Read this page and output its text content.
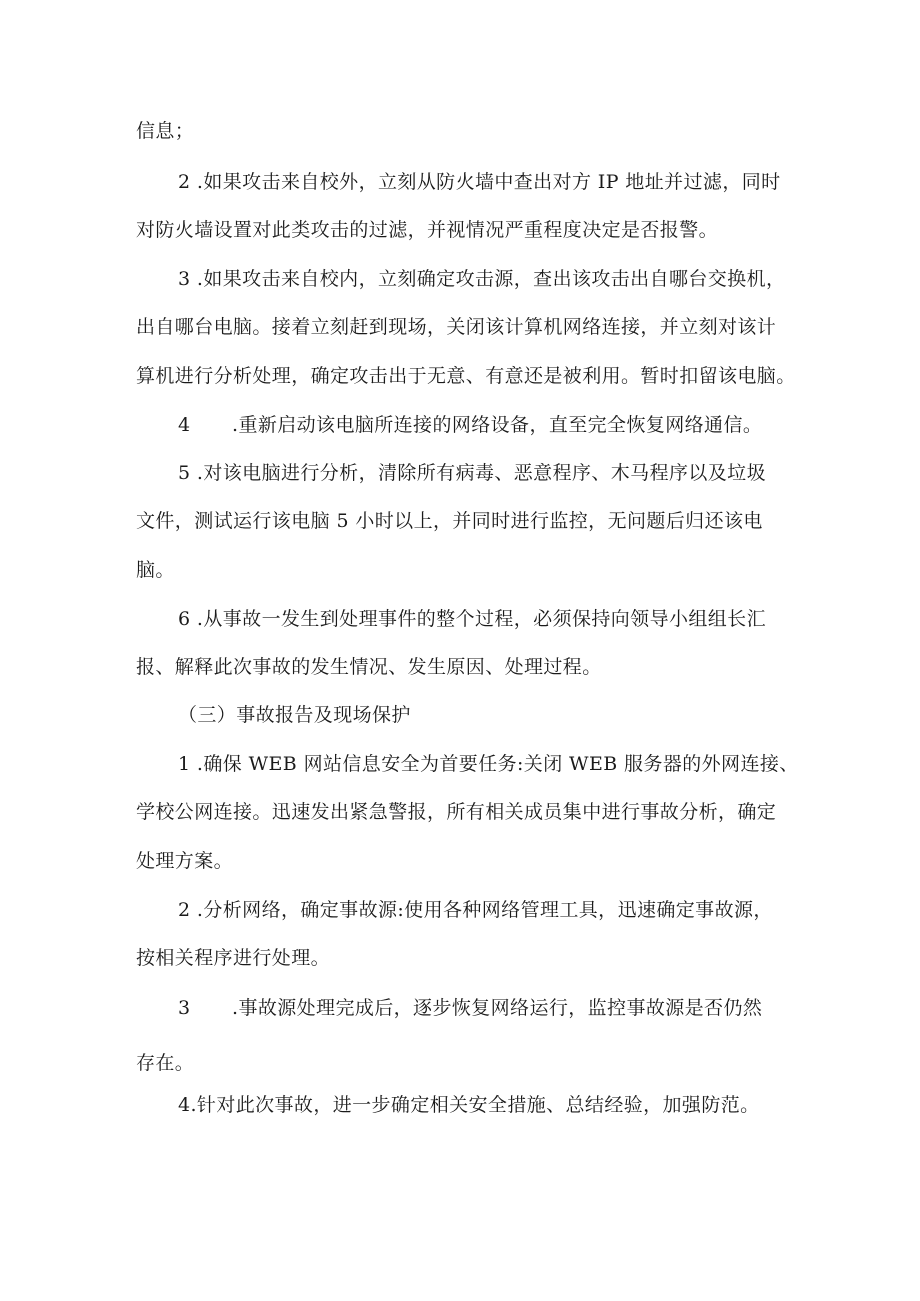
信息；
2 .如果攻击来自校外，立刻从防火墙中查出对方 IP 地址并过滤，同时
对防火墙设置对此类攻击的过滤，并视情况严重程度决定是否报警。
3 .如果攻击来自校内，立刻确定攻击源，查出该攻击出自哪台交换机，
出自哪台电脑。接着立刻赶到现场，关闭该计算机网络连接，并立刻对该计
算机进行分析处理，确定攻击出于无意、有意还是被利用。暂时扣留该电脑。
4 .重新启动该电脑所连接的网络设备，直至完全恢复网络通信。
5 .对该电脑进行分析，清除所有病毒、恶意程序、木马程序以及垃圾
文件，测试运行该电脑 5 小时以上，并同时进行监控，无问题后归还该电
脑。
6 .从事故一发生到处理事件的整个过程，必须保持向领导小组组长汇
报、解释此次事故的发生情况、发生原因、处理过程。
（三）事故报告及现场保护
1 .确保 WEB 网站信息安全为首要任务:关闭 WEB 服务器的外网连接、
学校公网连接。迅速发出紧急警报，所有相关成员集中进行事故分析，确定
处理方案。
2 .分析网络，确定事故源:使用各种网络管理工具，迅速确定事故源，
按相关程序进行处理。
3 .事故源处理完成后，逐步恢复网络运行，监控事故源是否仍然
存在。
4.针对此次事故，进一步确定相关安全措施、总结经验，加强防范。
